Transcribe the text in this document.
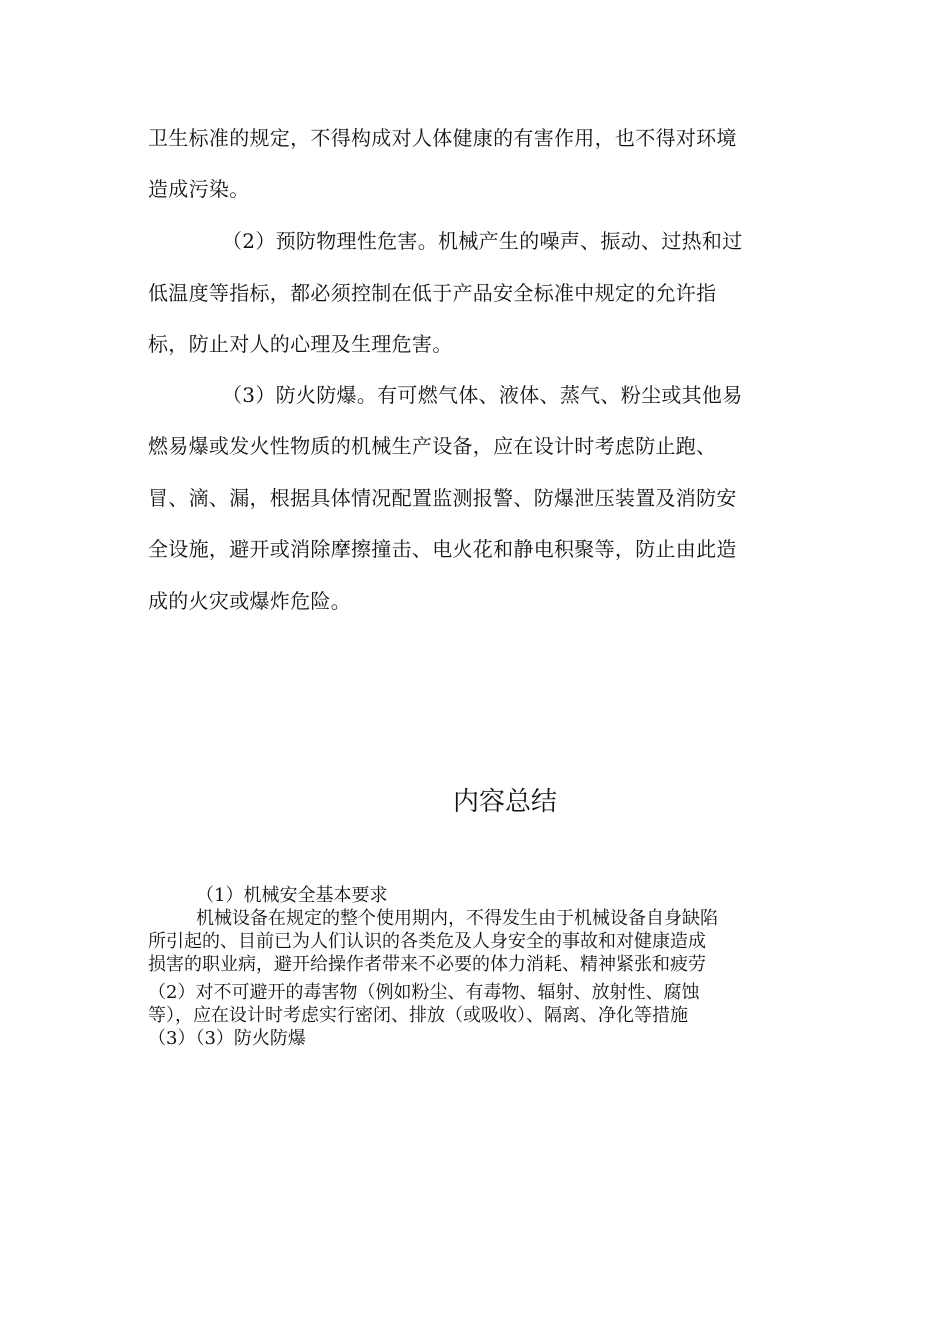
卫生标准的规定，不得构成对人体健康的有害作用，也不得对环境

造成污染。

（2）预防物理性危害。机械产生的噪声、振动、过热和过

低温度等指标，都必须控制在低于产品安全标准中规定的允许指

标，防止对人的心理及生理危害。

（3）防火防爆。有可燃气体、液体、蒸气、粉尘或其他易

燃易爆或发火性物质的机械生产设备，应在设计时考虑防止跑、

冒、滴、漏，根据具体情况配置监测报警、防爆泄压装置及消防安

全设施，避开或消除摩擦撞击、电火花和静电积聚等，防止由此造

成的火灾或爆炸危险。

内容总结

（1）机械安全基本要求

机械设备在规定的整个使用期内，不得发生由于机械设备自身缺陷

所引起的、目前已为人们认识的各类危及人身安全的事故和对健康造成

损害的职业病，避开给操作者带来不必要的体力消耗、精神紧张和疲劳

（2）对不可避开的毒害物（例如粉尘、有毒物、辐射、放射性、腐蚀

等），应在设计时考虑实行密闭、排放（或吸收）、隔离、净化等措施

（3）（3）防火防爆
